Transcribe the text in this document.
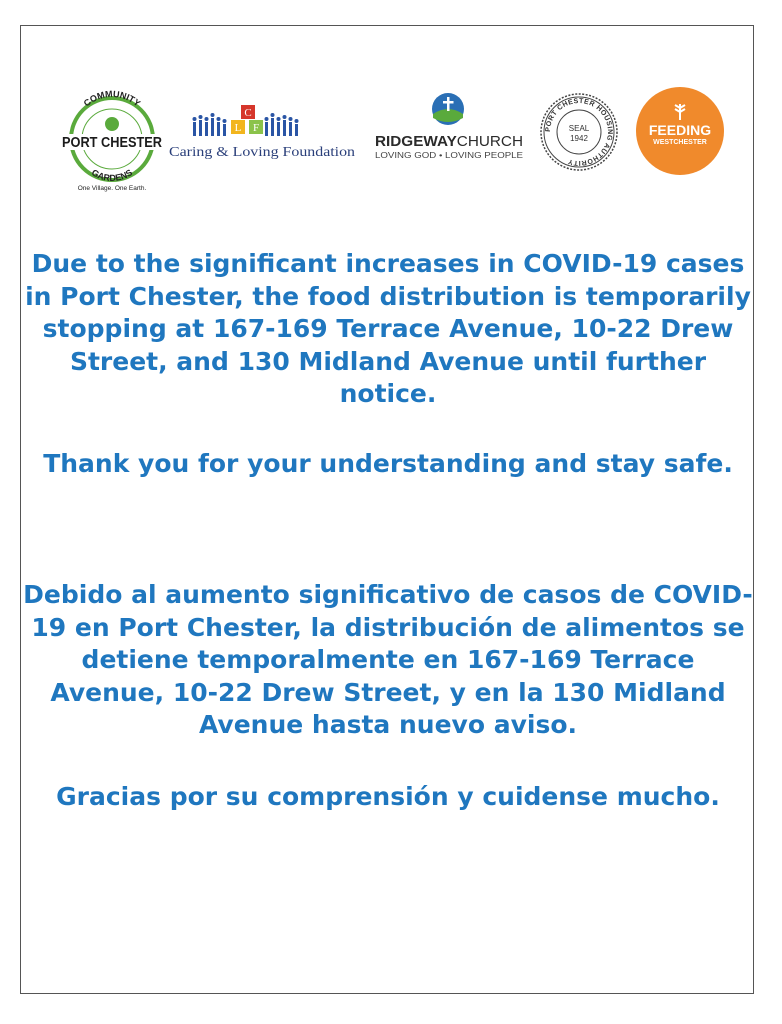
COMMUNITY
GARDENS
PORT CHESTER
One Village. One Earth.
C
L F
Caring & Loving Foundation
RIDGEWAY CHURCH
LOVING GOD • LOVING PEOPLE
PORT CHESTER HOUSING AUTHORITY
SEAL
1942
FEEDING
WESTCHESTER

Due to the significant increases in COVID-19 cases in Port Chester, the food distribution is temporarily stopping at 167-169 Terrace Avenue, 10-22 Drew Street, and 130 Midland Avenue until further notice.

Thank you for your understanding and stay safe.

Debido al aumento significativo de casos de COVID-19 en Port Chester, la distribución de alimentos se detiene temporalmente en 167-169 Terrace Avenue, 10-22 Drew Street, y en la 130 Midland Avenue hasta nuevo aviso.

Gracias por su comprensión y cuidense mucho.
